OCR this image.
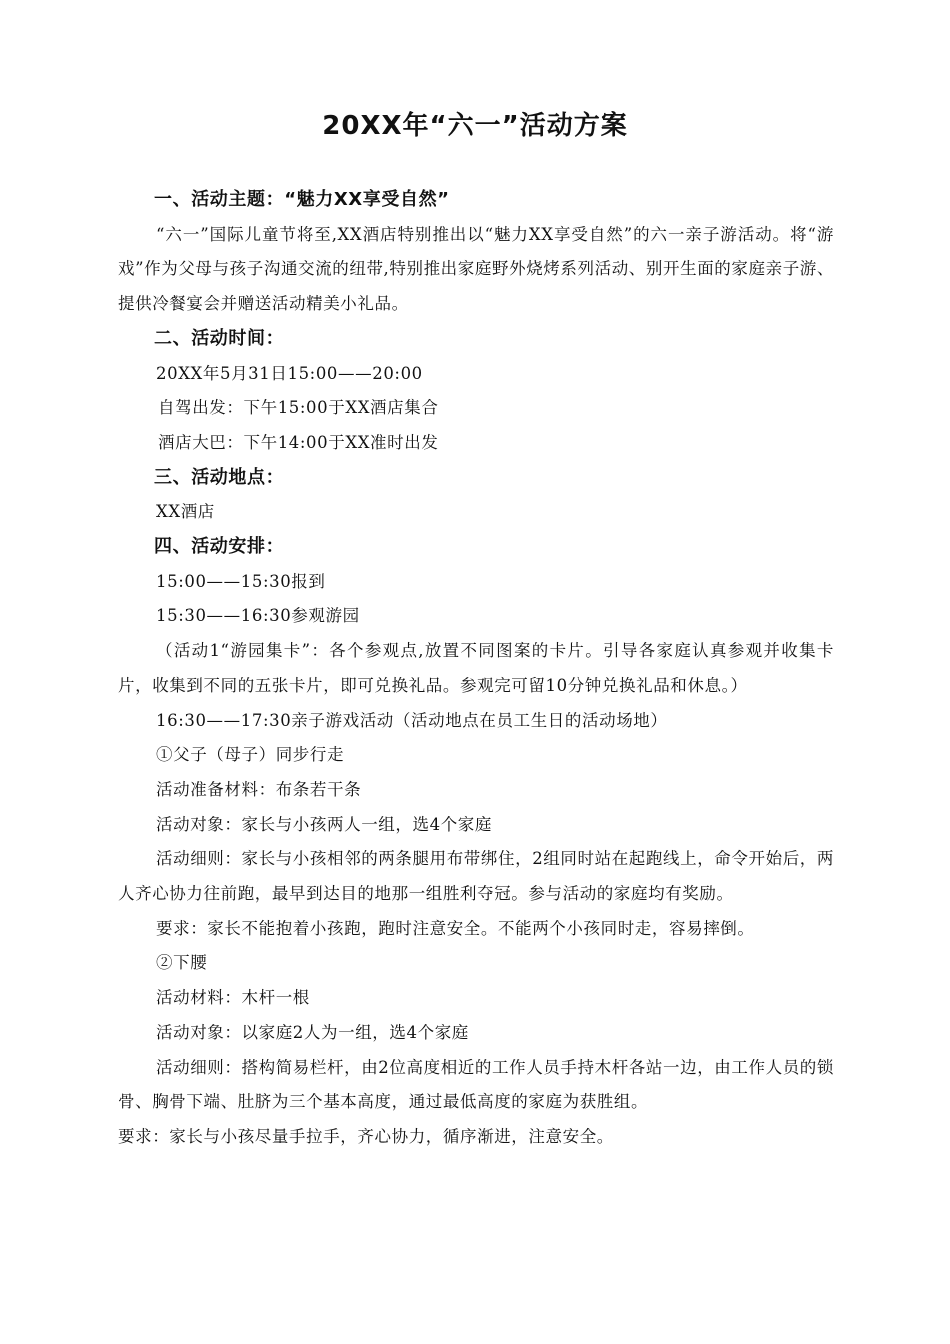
20XX年“六一”活动方案
一、活动主题：“魅力XX享受自然”
“六一”国际儿童节将至,XX酒店特别推出以“魅力XX享受自然”的六一亲子游活动。将“游戏”作为父母与孩子沟通交流的纽带,特别推出家庭野外烧烤系列活动、别开生面的家庭亲子游、提供冷餐宴会并赠送活动精美小礼品。
二、活动时间：
20XX年5月31日15:00——20:00
自驾出发：下午15:00于XX酒店集合
酒店大巴：下午14:00于XX准时出发
三、活动地点：
XX酒店
四、活动安排：
15:00——15:30报到
15:30——16:30参观游园
（活动1“游园集卡”：各个参观点,放置不同图案的卡片。引导各家庭认真参观并收集卡片，收集到不同的五张卡片，即可兑换礼品。参观完可留10分钟兑换礼品和休息。）
16:30——17:30亲子游戏活动（活动地点在员工生日的活动场地）
①父子（母子）同步行走
活动准备材料：布条若干条
活动对象：家长与小孩两人一组，选4个家庭
活动细则：家长与小孩相邻的两条腿用布带绑住，2组同时站在起跑线上，命令开始后，两人齐心协力往前跑，最早到达目的地那一组胜利夺冠。参与活动的家庭均有奖励。
要求：家长不能抱着小孩跑，跑时注意安全。不能两个小孩同时走，容易摔倒。
②下腰
活动材料：木杆一根
活动对象：以家庭2人为一组，选4个家庭
活动细则：搭构简易栏杆，由2位高度相近的工作人员手持木杆各站一边，由工作人员的锁骨、胸骨下端、肚脐为三个基本高度，通过最低高度的家庭为获胜组。
要求：家长与小孩尽量手拉手，齐心协力，循序渐进，注意安全。
